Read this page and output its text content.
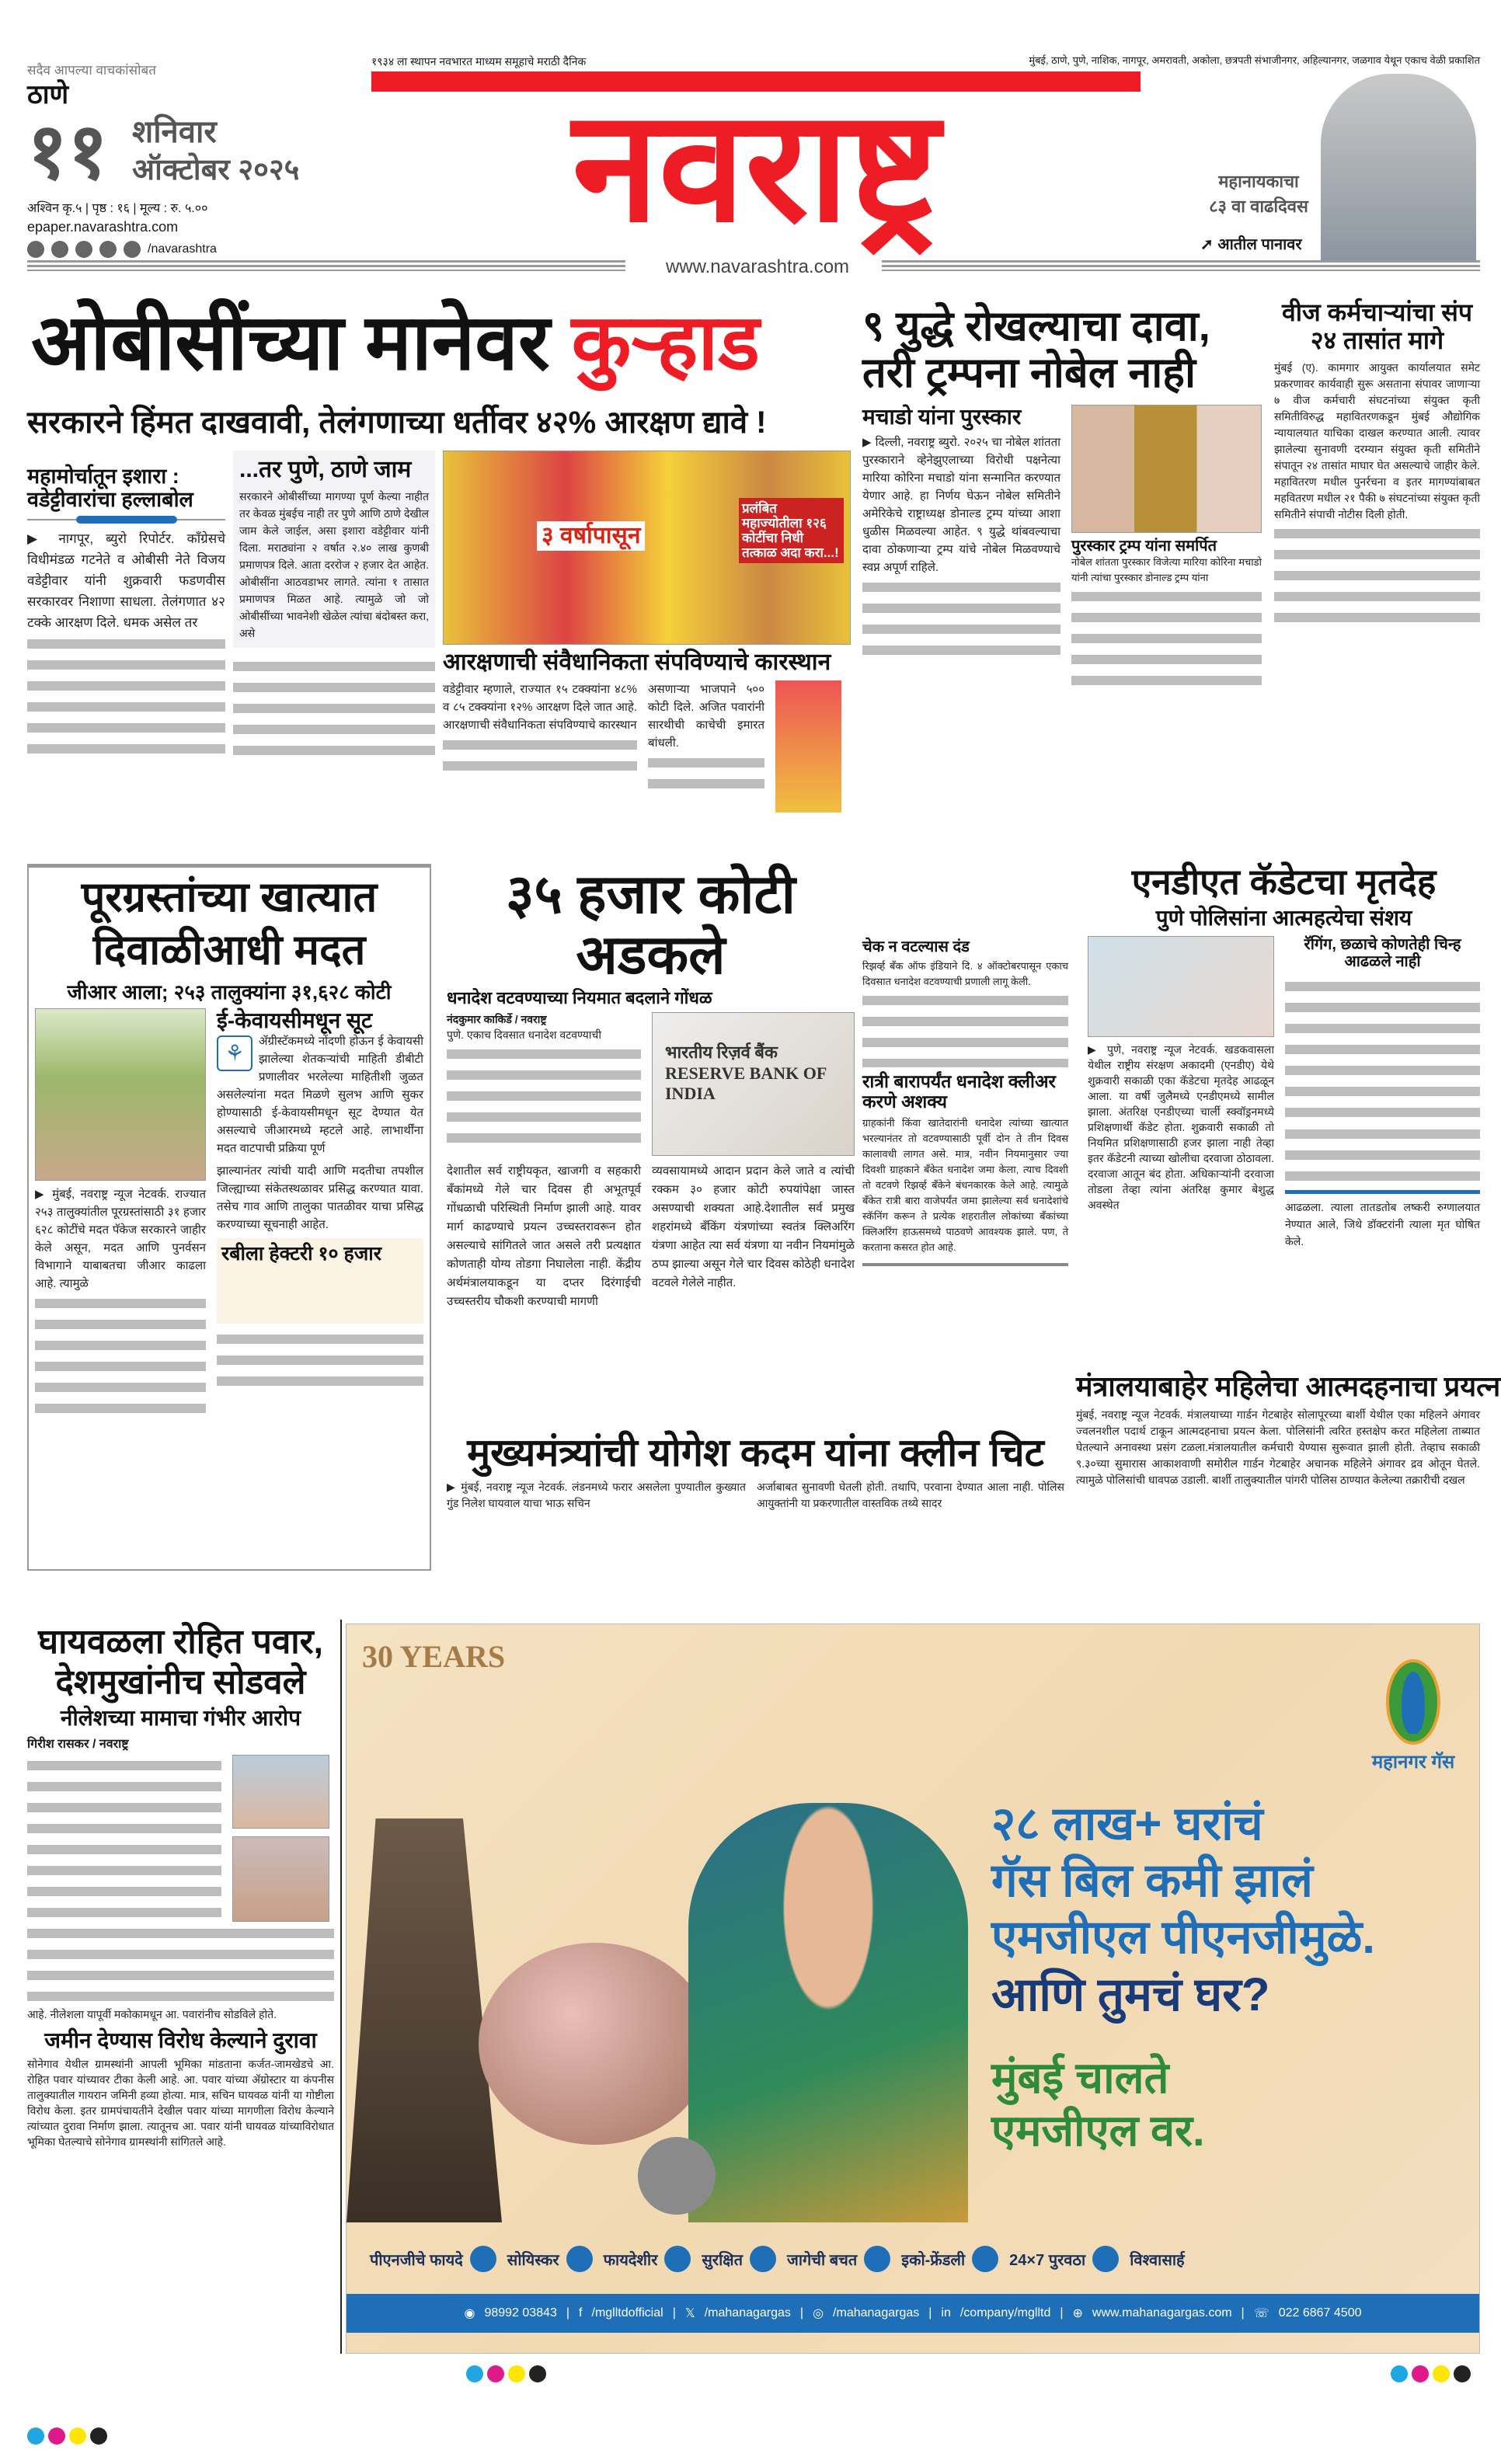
सदैव आपल्या वाचकांसोबत
ठाणे
११ शनिवार
ऑक्टोबर २०२५
अश्विन कृ.५ | पृष्ठ : १६ | मूल्य : रु. ५.००
epaper.navarashtra.com
/navarashtra
१९३४ ला स्थापन नवभारत माध्यम समूहाचे मराठी दैनिक	मुंबई, ठाणे, पुणे, नाशिक, नागपूर, अमरावती, अकोला, छत्रपती संभाजीनगर, अहिल्यानगर, जळगाव येथून एकाच वेळी प्रकाशित
नवराष्ट्र	महानायकाचा
८३ वा वाढदिवस
➚ आतील पानावर
www.navarashtra.com
ओबीसींच्या मानेवर कुऱ्हाड
सरकारने हिंमत दाखवावी, तेलंगणाच्या धर्तीवर ४२% आरक्षण द्यावे !
महामोर्चातून इशारा :
वडेट्टीवारांचा हल्लाबोल
▶ नागपूर, ब्युरो रिपोर्टर. काँग्रेसचे विधीमंडळ गटनेते व ओबीसी नेते विजय वडेट्टीवार यांनी शुक्रवारी फडणवीस सरकारवर निशाणा साधला. तेलंगणात ४२ टक्के आरक्षण दिले. धमक असेल तर
...तर पुणे, ठाणे जाम
सरकारने ओबीसींच्या मागण्या पूर्ण केल्या नाहीत तर केवळ मुंबईच नाही तर पुणे आणि ठाणे देखील जाम केले जाईल, असा इशारा वडेट्टीवार यांनी दिला. मराठ्यांना २ वर्षात २.४० लाख कुणबी प्रमाणपत्र दिले. आता दररोज २ हजार देत आहेत. ओबीसींना आठवडाभर लागते. त्यांना १ तासात प्रमाणपत्र मिळत आहे. त्यामुळे जो जो ओबीसींच्या भावनेशी खेळेल त्यांचा बंदोबस्त करा, असे
३ वर्षापासून
प्रलंबित महाज्योतीला १२६ कोटींचा निधी तत्काळ अदा करा...!
आरक्षणाची संवैधानिकता संपविण्याचे कारस्थान
वडेट्टीवार म्हणाले, राज्यात १५ टक्क्यांना ४८% व ८५ टक्क्यांना १२% आरक्षण दिले जात आहे. आरक्षणाची संवैधानिकता संपविण्याचे कारस्थान
असणाऱ्या भाजपाने ५०० कोटी दिले. अजित पवारांनी सारथीची काचेची इमारत बांधली.
९ युद्धे रोखल्याचा दावा, तरी ट्रम्पना नोबेल नाही
मचाडो यांना पुरस्कार
▶ दिल्ली, नवराष्ट्र ब्युरो. २०२५ चा नोबेल शांतता पुरस्काराने व्हेनेझुएलाच्या विरोधी पक्षनेत्या मारिया कोरिना मचाडो यांना सन्मानित करण्यात येणार आहे. हा निर्णय घेऊन नोबेल समितीने अमेरिकेचे राष्ट्राध्यक्ष डोनाल्ड ट्रम्प यांच्या आशा धुळीस मिळवल्या आहेत. ९ युद्धे थांबवल्याचा दावा ठोकणाऱ्या ट्रम्प यांचे नोबेल मिळवण्याचे स्वप्न अपूर्ण राहिले.
पुरस्कार ट्रम्प यांना समर्पित
नोबेल शांतता पुरस्कार विजेत्या मारिया कोरिना मचाडो यांनी त्यांचा पुरस्कार डोनाल्ड ट्रम्प यांना
वीज कर्मचाऱ्यांचा संप २४ तासांत मागे
मुंबई (ए). कामगार आयुक्त कार्यालयात समेट प्रकरणावर कार्यवाही सुरू असताना संपावर जाणाऱ्या ७ वीज कर्मचारी संघटनांच्या संयुक्त कृती समितीविरुद्ध महावितरणकडून मुंबई औद्योगिक न्यायालयात याचिका दाखल करण्यात आली. त्यावर झालेल्या सुनावणी दरम्यान संयुक्त कृती समितीने संपातून २४ तासांत माघार घेत असल्याचे जाहीर केले. महावितरण मधील पुनर्रचना व इतर मागण्यांबाबत महवितरण मधील २१ पैकी ७ संघटनांच्या संयुक्त कृती समितीने संपाची नोटीस दिली होती.
पूरग्रस्तांच्या खात्यात दिवाळीआधी मदत
जीआर आला; २५३ तालुक्यांना ३१,६२८ कोटी
▶ मुंबई, नवराष्ट्र न्यूज नेटवर्क. राज्यात २५३ तालुक्यांतील पूरग्रस्तांसाठी ३१ हजार ६२८ कोटींचे मदत पॅकेज सरकारने जाहीर केले असून, मदत आणि पुनर्वसन विभागाने याबाबतचा जीआर काढला आहे. त्यामुळे
ई-केवायसीमधून सूट
⚘	ॲग्रीस्टॅकमध्ये नोंदणी होऊन ई केवायसी झालेल्या शेतकऱ्यांची माहिती डीबीटी प्रणालीवर भरलेल्या माहितीशी जुळत असलेल्यांना मदत मिळणे सुलभ आणि सुकर होण्यासाठी ई-केवायसीमधून सूट देण्यात येत असल्याचे जीआरमध्ये म्हटले आहे. लाभार्थींना मदत वाटपाची प्रक्रिया पूर्ण
झाल्यानंतर त्यांची यादी आणि मदतीचा तपशील जिल्ह्याच्या संकेतस्थळावर प्रसिद्ध करण्यात यावा. तसेच गाव आणि तालुका पातळीवर याचा प्रसिद्ध करण्याच्या सूचनाही आहेत.
रबीला हेक्टरी १० हजार
३५ हजार कोटी अडकले
धनादेश वटवण्याच्या नियमात बदलाने गोंधळ
नंदकुमार काकिर्डे / नवराष्ट्र
पुणे. एकाच दिवसात धनादेश वटवण्याची
भारतीय रिज़र्व बैंक RESERVE BANK OF INDIA
देशातील सर्व राष्ट्रीयकृत, खाजगी व सहकारी बँकांमध्ये गेले चार दिवस ही अभूतपूर्व गोंधळाची परिस्थिती निर्माण झाली आहे. यावर मार्ग काढण्याचे प्रयत्न उच्चस्तरावरून होत असल्याचे सांगितले जात असले तरी प्रत्यक्षात कोणताही योग्य तोडगा निघालेला नाही. केंद्रीय अर्थमंत्रालयाकडून या दप्तर दिरंगाईची उच्चस्तरीय चौकशी करण्याची मागणी
व्यवसायामध्ये आदान प्रदान केले जाते व त्यांची रक्कम ३० हजार कोटी रुपयांपेक्षा जास्त असण्याची शक्यता आहे.देशातील सर्व प्रमुख शहरांमध्ये बँकिंग यंत्रणांच्या स्वतंत्र क्लिअरिंग यंत्रणा आहेत त्या सर्व यंत्रणा या नवीन नियमांमुळे ठप्प झाल्या असून गेले चार दिवस कोठेही धनादेश वटवले गेलेले नाहीत.
चेक न वटल्यास दंड
रिझर्व्ह बँक ऑफ इंडियाने दि. ४ ऑक्टोबरपासून एकाच दिवसात धनादेश वटवण्याची प्रणाली लागू केली.
रात्री बारापर्यंत धनादेश क्लीअर करणे अशक्य
ग्राहकांनी किंवा खातेदारांनी धनादेश त्यांच्या खात्यात भरल्यानंतर तो वटवण्यासाठी पूर्वी दोन ते तीन दिवस कालावधी लागत असे. मात्र, नवीन नियमानुसार ज्या दिवशी ग्राहकाने बँकेत धनादेश जमा केला, त्याच दिवशी तो वटवणे रिझर्व्ह बँकेने बंधनकारक केले आहे. त्यामुळे बँकेत रात्री बारा वाजेपर्यंत जमा झालेल्या सर्व धनादेशांचे स्कॅनिंग करून ते प्रत्येक शहरातील लोकांच्या बँकांच्या क्लिअरिंग हाऊसमध्ये पाठवणे आवश्यक झाले. पण, ते करताना कसरत होत आहे.
एनडीएत कॅडेटचा मृतदेह
पुणे पोलिसांना आत्महत्येचा संशय
▶ पुणे, नवराष्ट्र न्यूज नेटवर्क. खडकवासला येथील राष्ट्रीय संरक्षण अकादमी (एनडीए) येथे शुक्रवारी सकाळी एका कॅडेटचा मृतदेह आढळून आला. या वर्षी जुलैमध्ये एनडीएमध्ये सामील झाला. अंतरिक्ष एनडीएच्या चार्ली स्क्वॉड्रनमध्ये प्रशिक्षणार्थी कॅडेट होता. शुक्रवारी सकाळी तो नियमित प्रशिक्षणासाठी हजर झाला नाही तेव्हा इतर कॅडेटनी त्याच्या खोलीचा दरवाजा ठोठावला. दरवाजा आतून बंद होता. अधिकाऱ्यांनी दरवाजा तोडला तेव्हा त्यांना अंतरिक्ष कुमार बेशुद्ध अवस्थेत
रॅगिंग, छळाचे कोणतेही चिन्ह आढळले नाही
आढळला. त्याला तातडतोब लष्करी रुग्णालयात नेण्यात आले, जिथे डॉक्टरांनी त्याला मृत घोषित केले.
मंत्रालयाबाहेर महिलेचा आत्मदहनाचा प्रयत्न
मुंबई, नवराष्ट्र न्यूज नेटवर्क. मंत्रालयाच्या गार्डन गेटबाहेर सोलापूरच्या बार्शी येथील एका महिलने अंगावर ज्वलनशील पदार्थ टाकून आत्मदहनाचा प्रयत्न केला. पोलिसांनी त्वरित हस्तक्षेप करत महिलेला ताब्यात घेतल्याने अनावस्था प्रसंग टळला.मंत्रालयातील कर्मचारी येण्यास सुरूवात झाली होती. तेव्हाच सकाळी ९.३०च्या सुमारास आकाशवाणी समोरील गार्डन गेटबाहेर अचानक महिलेने अंगावर द्रव ओतून घेतले. त्यामुळे पोलिसांची धावपळ उडाली. बार्शी तालुक्यातील पांगरी पोलिस ठाण्यात केलेल्या तक्रारीची दखल
मुख्यमंत्र्यांची योगेश कदम यांना क्लीन चिट
▶ मुंबई, नवराष्ट्र न्यूज नेटवर्क. लंडनमध्ये फरार असलेला पुण्यातील कुख्यात गुंड निलेश घायवाल याचा भाऊ सचिन
अर्जाबाबत सुनावणी घेतली होती. तथापि, परवाना देण्यात आला नाही. पोलिस आयुक्तांनी या प्रकरणातील वास्तविक तथ्ये सादर
घायवळला रोहित पवार, देशमुखांनीच सोडवले
नीलेशच्या मामाचा गंभीर आरोप
गिरीश रासकर / नवराष्ट्र
आहे. नीलेशला यापूर्वी मकोकामधून आ. पवारांनीच सोडविले होते.
जमीन देण्यास विरोध केल्याने दुरावा
सोनेगाव येथील ग्रामस्थांनी आपली भूमिका मांडताना कर्जत-जामखेडचे आ. रोहित पवार यांच्यावर टीका केली आहे. आ. पवार यांच्या ॲग्रोस्टार या कंपनीस तालुक्यातील गायरान जमिनी हव्या होत्या. मात्र, सचिन घायवळ यांनी या गोष्टीला विरोध केला. इतर ग्रामपंचायतीने देखील पवार यांच्या मागणीला विरोध केल्याने त्यांच्यात दुरावा निर्माण झाला. त्यातूनच आ. पवार यांनी घायवळ यांच्याविरोधात भूमिका घेतल्याचे सोनेगाव ग्रामस्थांनी सांगितले आहे.
30 YEARS
महानगर गॅस
२८ लाख+ घरांचं
गॅस बिल कमी झालं
एमजीएल पीएनजीमुळे.
आणि तुमचं घर?
मुंबई चालते
एमजीएल वर.
पीएनजीचे फायदे	सोयिस्कर	फायदेशीर	सुरक्षित	जागेची बचत	इको-फ्रेंडली	24×7 पुरवठा	विश्वासार्ह
◉ 98992 03843 | f /mglltdofficial | 𝕏 /mahanagargas | ◎ /mahanagargas | in /company/mglltd | ⊕ www.mahanagargas.com | ☏ 022 6867 4500
